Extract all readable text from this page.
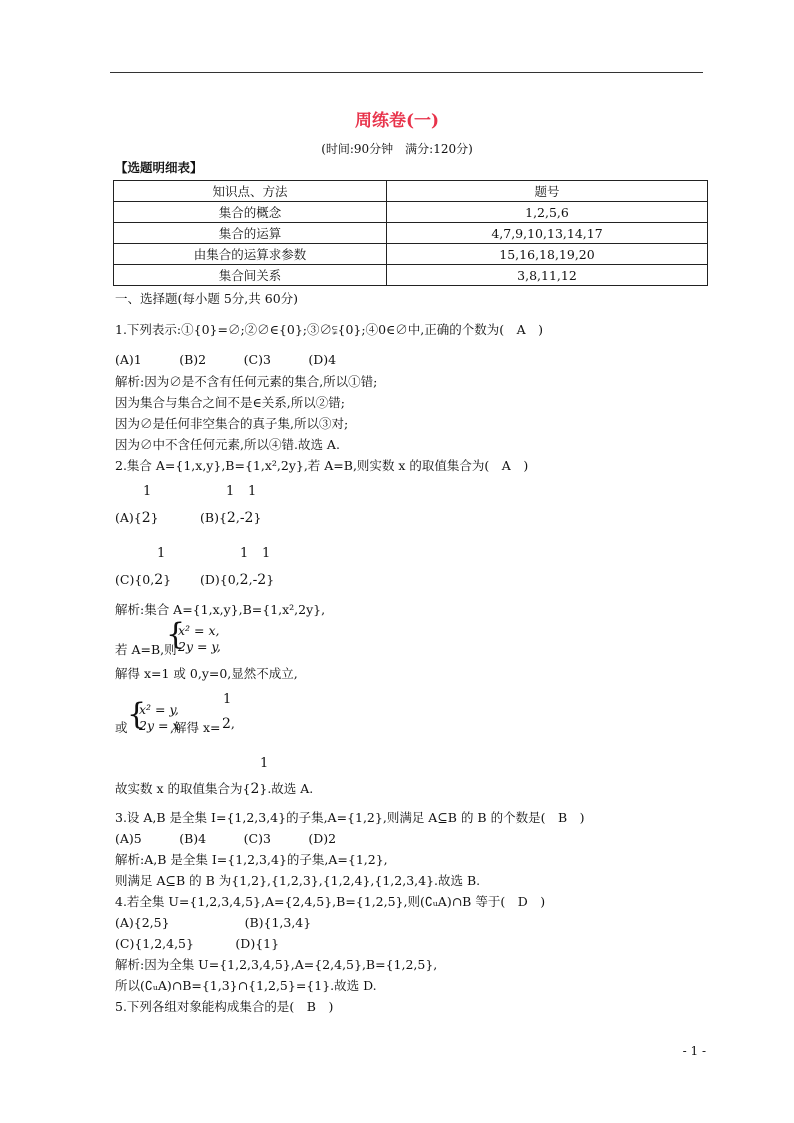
周练卷(一)
(时间:90分钟　满分:120分)
【选题明细表】
知识点、方法	题号
集合的概念	1,2,5,6
集合的运算	4,7,9,10,13,14,17
由集合的运算求参数	15,16,18,19,20
集合间关系	3,8,11,12
一、选择题(每小题 5分,共 60分)
1.下列表示:①{0}=∅;②∅∈{0};③∅⫋{0};④0∈∅中,正确的个数为(　A　)
(A)1　　　(B)2　　　(C)3　　　(D)4
解析:因为∅是不含有任何元素的集合,所以①错;
因为集合与集合之间不是∈关系,所以②错;
因为∅是任何非空集合的真子集,所以③对;
因为∅中不含任何元素,所以④错.故选 A.
2.集合 A={1,x,y},B={1,x²,2y},若 A=B,则实数 x 的取值集合为(　A　)
1
(A){2}
1 1
(B){2,-2}
1
(C){0,2}
1 1
(D){0,2,-2}
解析:集合 A={1,x,y},B={1,x²,2y},
{
x² = x,
2y = y,
若 A=B,则
解得 x=1 或 0,y=0,显然不成立,
{
x² = y,
2y = x
或	,解得 x=
1
2,
1
故实数 x 的取值集合为{2}.故选 A.
3.设 A,B 是全集 I={1,2,3,4}的子集,A={1,2},则满足 A⊆B 的 B 的个数是(　B　)
(A)5　　　(B)4　　　(C)3　　　(D)2
解析:A,B 是全集 I={1,2,3,4}的子集,A={1,2},
则满足 A⊆B 的 B 为{1,2},{1,2,3},{1,2,4},{1,2,3,4}.故选 B.
4.若全集 U={1,2,3,4,5},A={2,4,5},B={1,2,5},则(∁ᵤA)∩B 等于(　D　)
(A){2,5}　　　　　　(B){1,3,4}
(C){1,2,4,5}　　　 (D){1}
解析:因为全集 U={1,2,3,4,5},A={2,4,5},B={1,2,5},
所以(∁ᵤA)∩B={1,3}∩{1,2,5}={1}.故选 D.
5.下列各组对象能构成集合的是(　B　)
- 1 -
